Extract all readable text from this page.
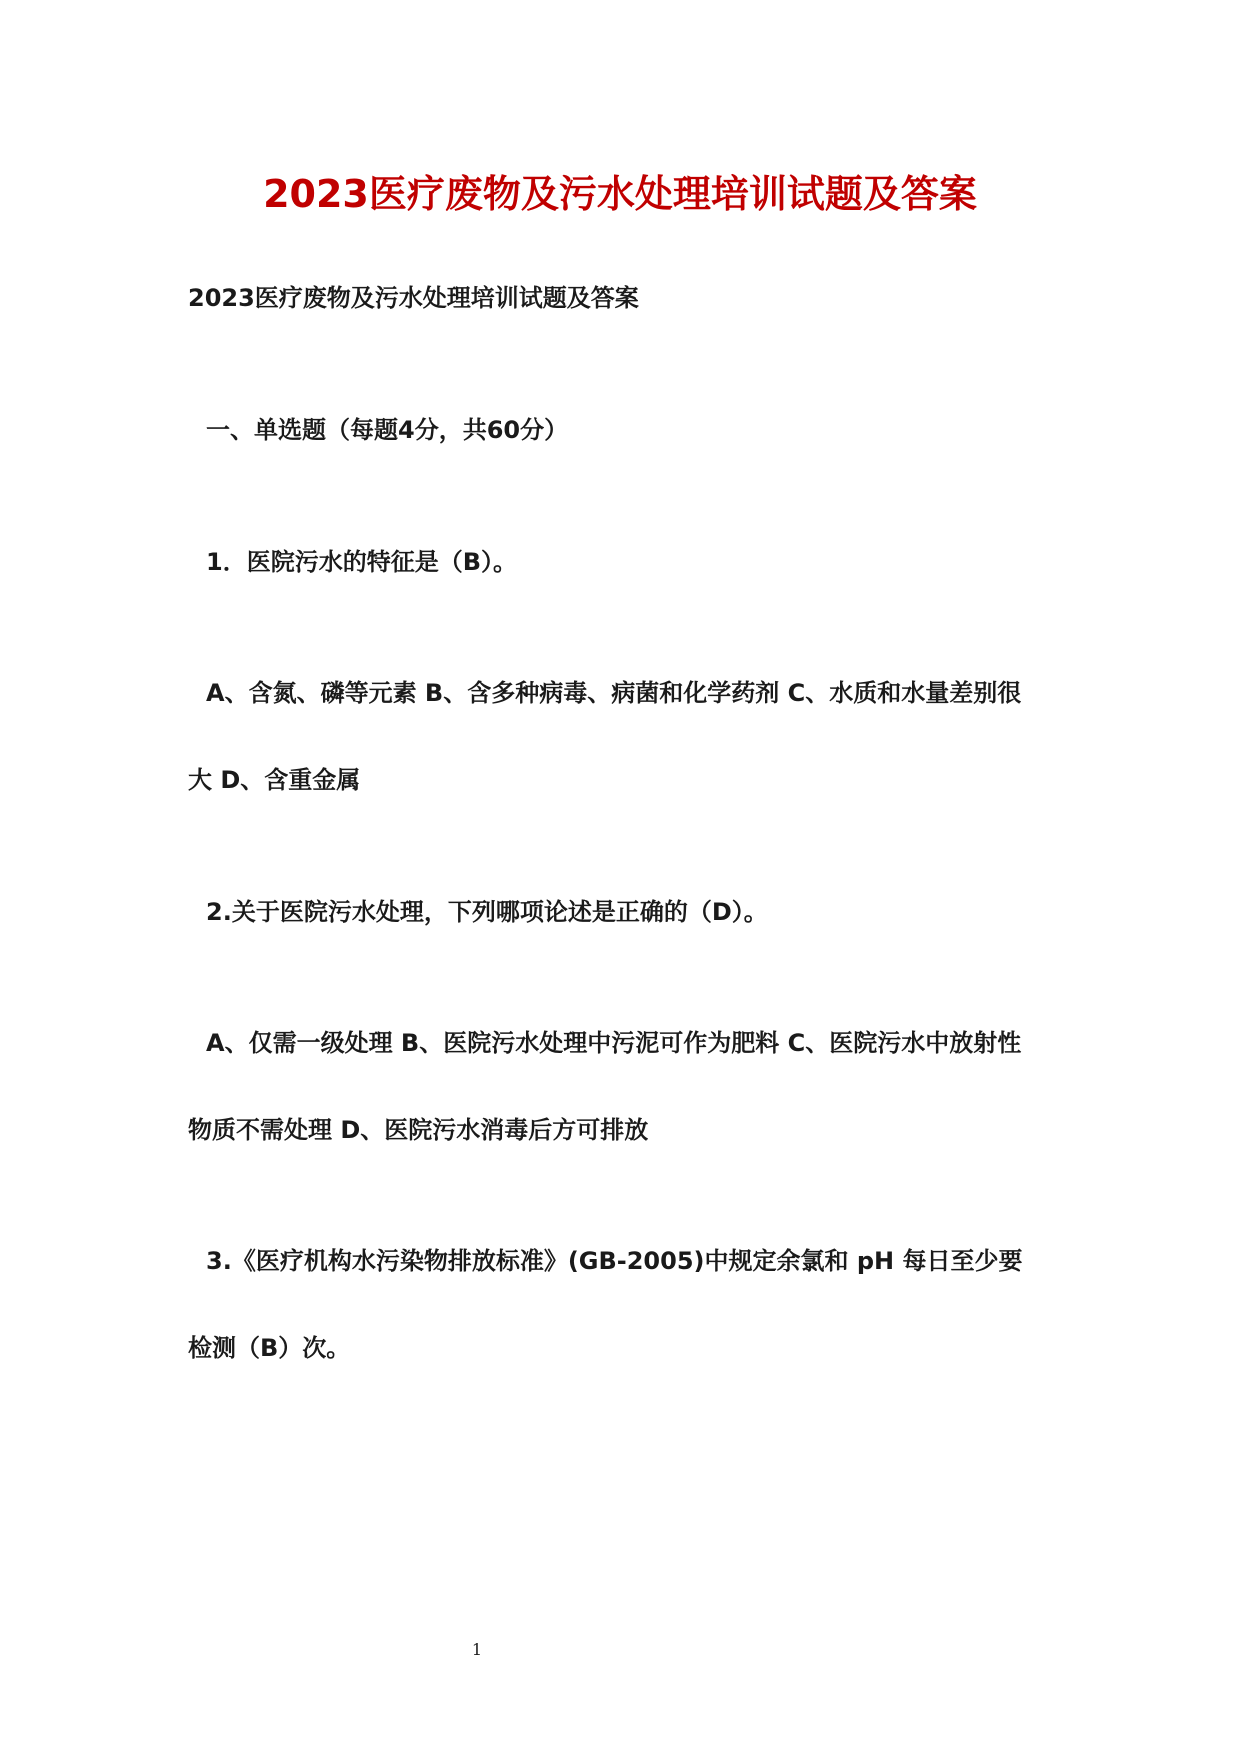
2023医疗废物及污水处理培训试题及答案
2023医疗废物及污水处理培训试题及答案
一、单选题（每题4分，共60分）
1．医院污水的特征是（B）。
A、含氮、磷等元素 B、含多种病毒、病菌和化学药剂 C、水质和水量差别很
大 D、含重金属
2.关于医院污水处理，下列哪项论述是正确的（D）。
A、仅需一级处理 B、医院污水处理中污泥可作为肥料 C、医院污水中放射性
物质不需处理 D、医院污水消毒后方可排放
3.《医疗机构水污染物排放标准》(GB-2005)中规定余氯和 pH 每日至少要
检测（B）次。
1
